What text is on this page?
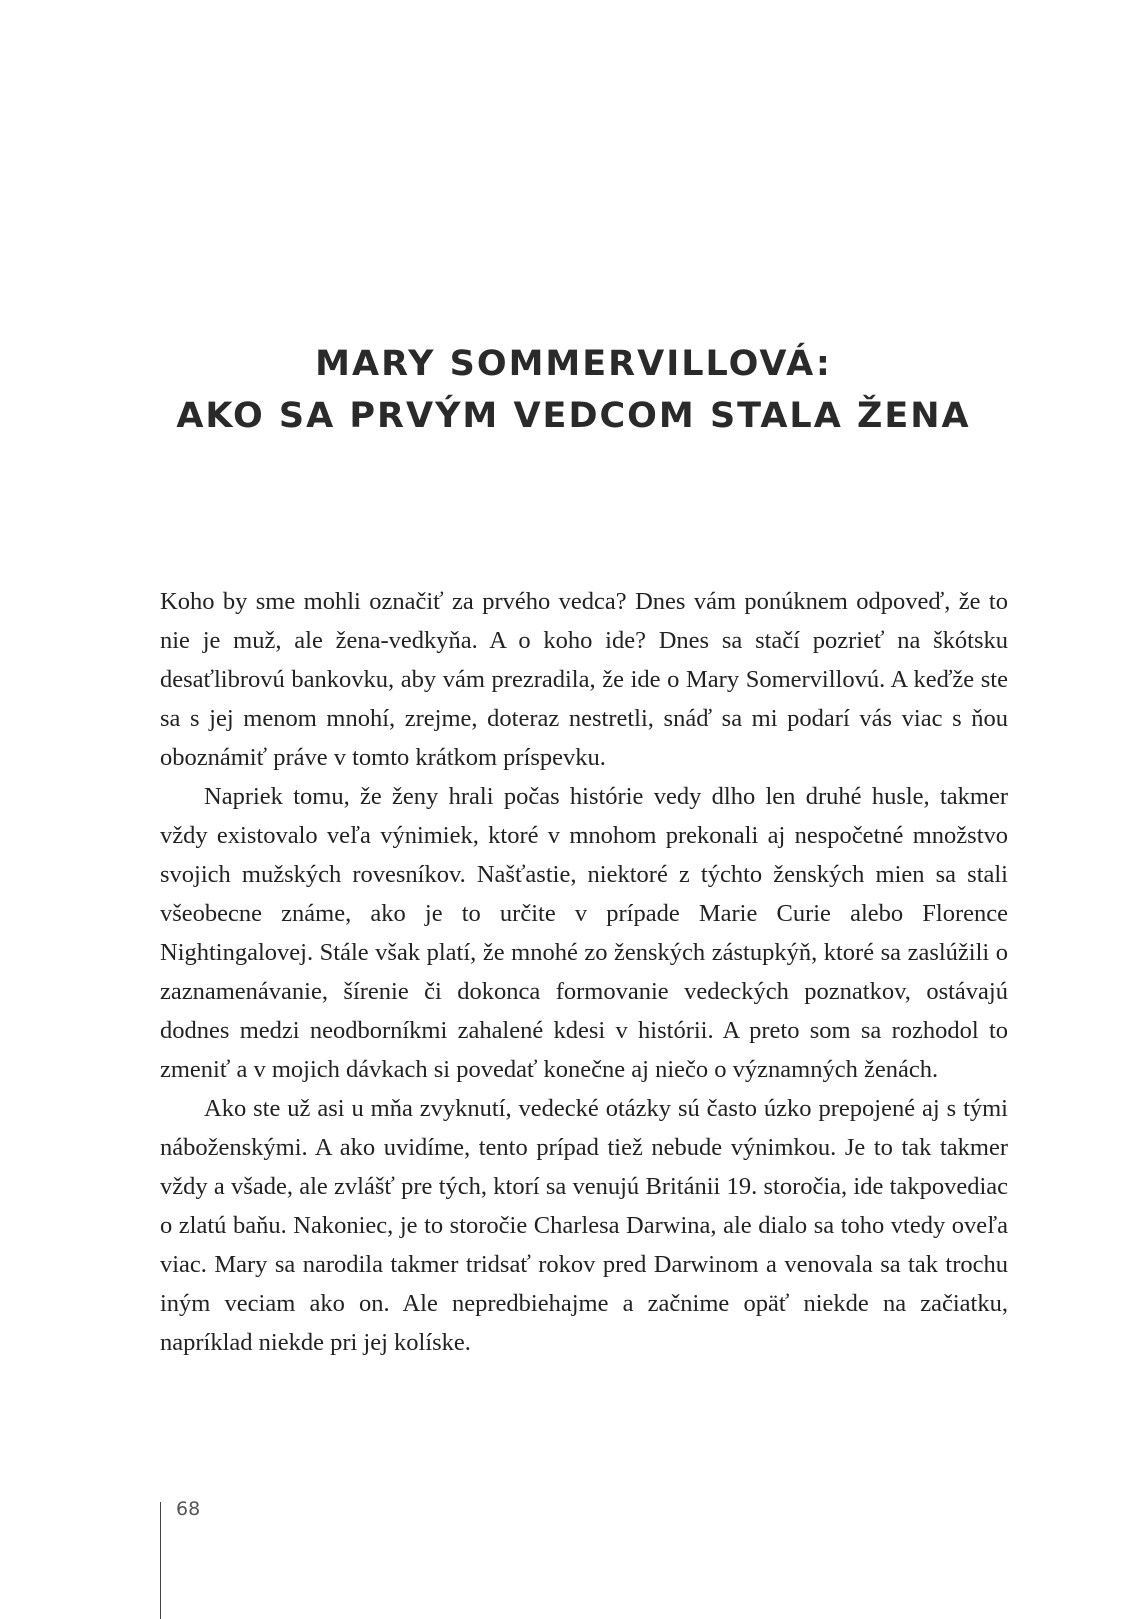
MARY SOMMERVILLOVÁ:
AKO SA PRVÝM VEDCOM STALA ŽENA

Koho by sme mohli označiť za prvého vedca? Dnes vám ponúknem odpoveď, že to nie je muž, ale žena-vedkyňa. A o koho ide? Dnes sa stačí pozrieť na škótsku desaťlibrovú bankovku, aby vám prezradila, že ide o Mary Somervillovú. A keďže ste sa s jej menom mnohí, zrejme, doteraz nestretli, snáď sa mi podarí vás viac s ňou oboznámiť práve v tomto krátkom príspevku.

Napriek tomu, že ženy hrali počas histórie vedy dlho len druhé husle, takmer vždy existovalo veľa výnimiek, ktoré v mnohom prekonali aj nespočetné množstvo svojich mužských rovesníkov. Našťastie, niektoré z týchto ženských mien sa stali všeobecne známe, ako je to určite v prípade Marie Curie alebo Florence Nightingalovej. Stále však platí, že mnohé zo ženských zástupkýň, ktoré sa zaslúžili o zaznamenávanie, šírenie či dokonca formovanie vedeckých poznatkov, ostávajú dodnes medzi neodborníkmi zahalené kdesi v histórii. A preto som sa rozhodol to zmeniť a v mojich dávkach si povedať konečne aj niečo o významných ženách.

Ako ste už asi u mňa zvyknutí, vedecké otázky sú často úzko prepojené aj s tými náboženskými. A ako uvidíme, tento prípad tiež nebude výnimkou. Je to tak takmer vždy a všade, ale zvlášť pre tých, ktorí sa venujú Británii 19. storočia, ide takpovediac o zlatú baňu. Nakoniec, je to storočie Charlesa Darwina, ale dialo sa toho vtedy oveľa viac. Mary sa narodila takmer tridsať rokov pred Darwinom a venovala sa tak trochu iným veciam ako on. Ale nepredbiehajme a začnime opäť niekde na začiatku, napríklad niekde pri jej kolíske.

68
